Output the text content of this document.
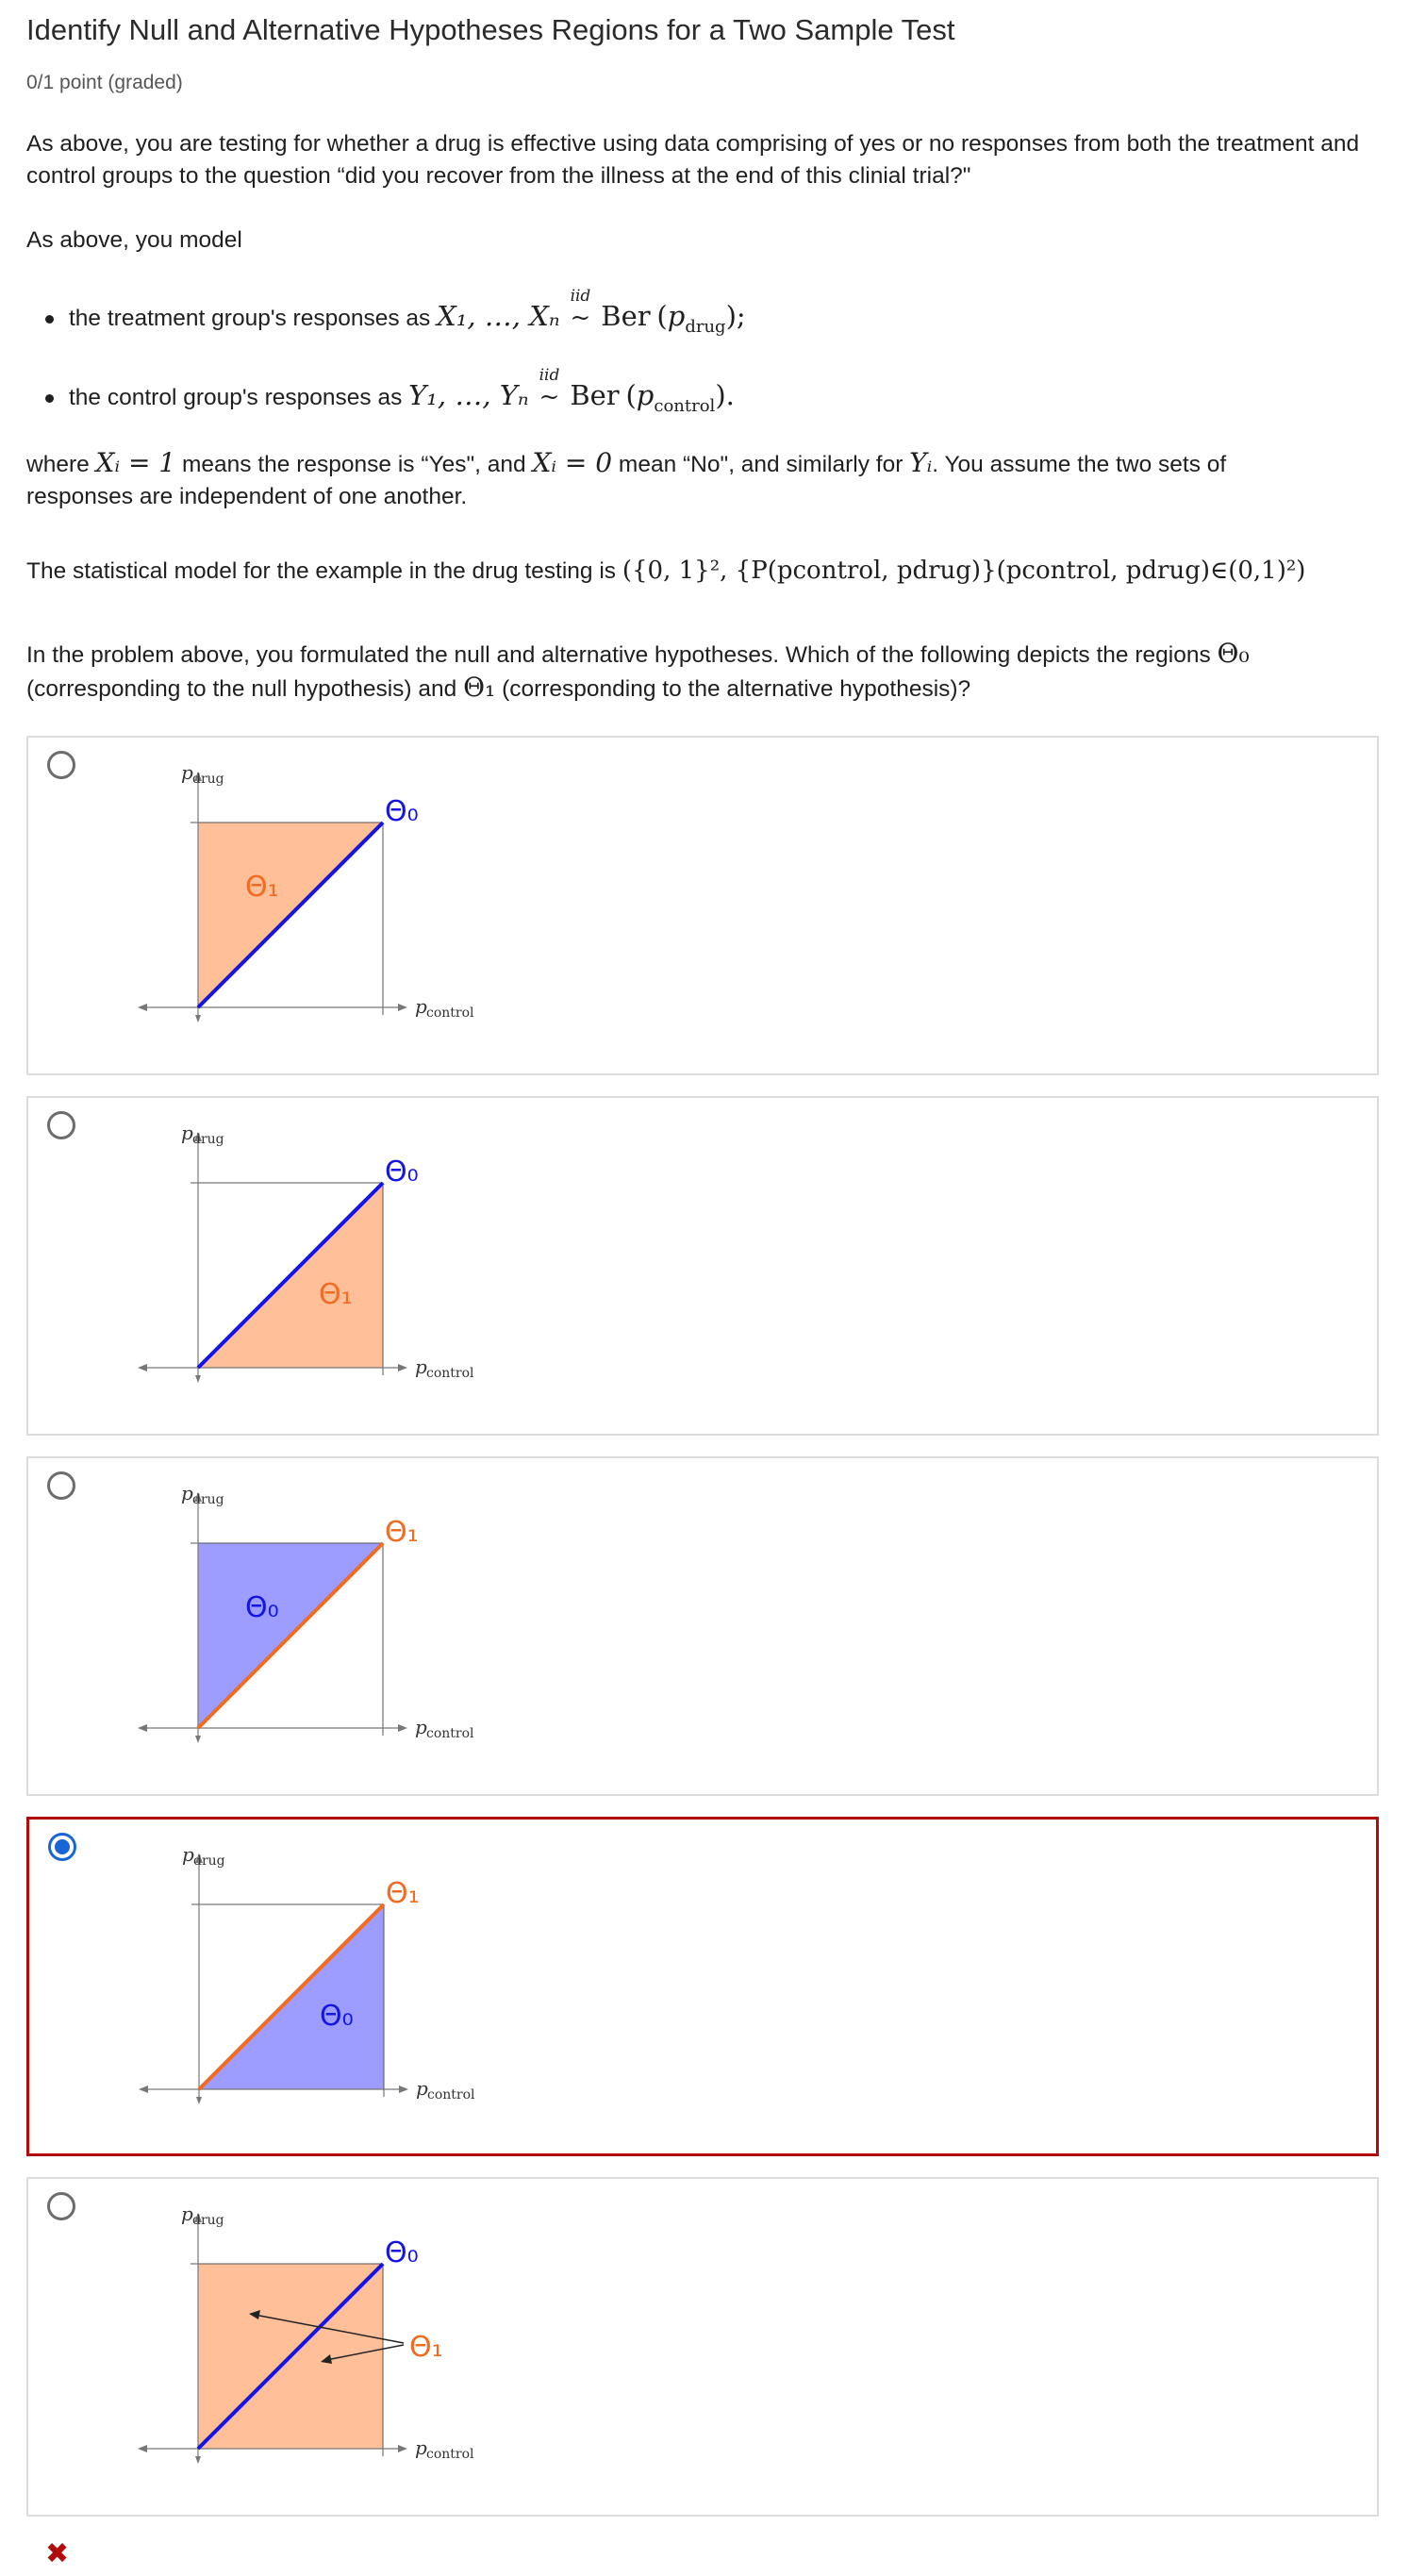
Identify Null and Alternative Hypotheses Regions for a Two Sample Test
0/1 point (graded)
As above, you are testing for whether a drug is effective using data comprising of yes or no responses from both the treatment and control groups to the question “did you recover from the illness at the end of this clinial trial?"
As above, you model
the treatment group's responses as X₁, …, Xₙ
iid
~ Ber $(p_{drug})$;
the control group's responses as Y₁, …, Yₙ
iid
~ Ber $(p_{control})$.
where Xᵢ = 1 means the response is “Yes", and Xᵢ = 0 mean “No", and similarly for Yᵢ. You assume the two sets of
responses are independent of one another.
The statistical model for the example in the drug testing is ({0, 1}², {P(pcontrol, pdrug)}(pcontrol, pdrug)∈(0,1)²)
In the problem above, you formulated the null and alternative hypotheses. Which of the following depicts the regions Θ₀
(corresponding to the null hypothesis) and Θ₁ (corresponding to the alternative hypothesis)?
p drug
p control
Θ₀
Θ₁
p drug
p control
Θ₀
Θ₁
p drug
p control
Θ₁
Θ₀
p drug
p control
Θ₁
Θ₀
p drug
p control
Θ₀
Θ₁
✖
